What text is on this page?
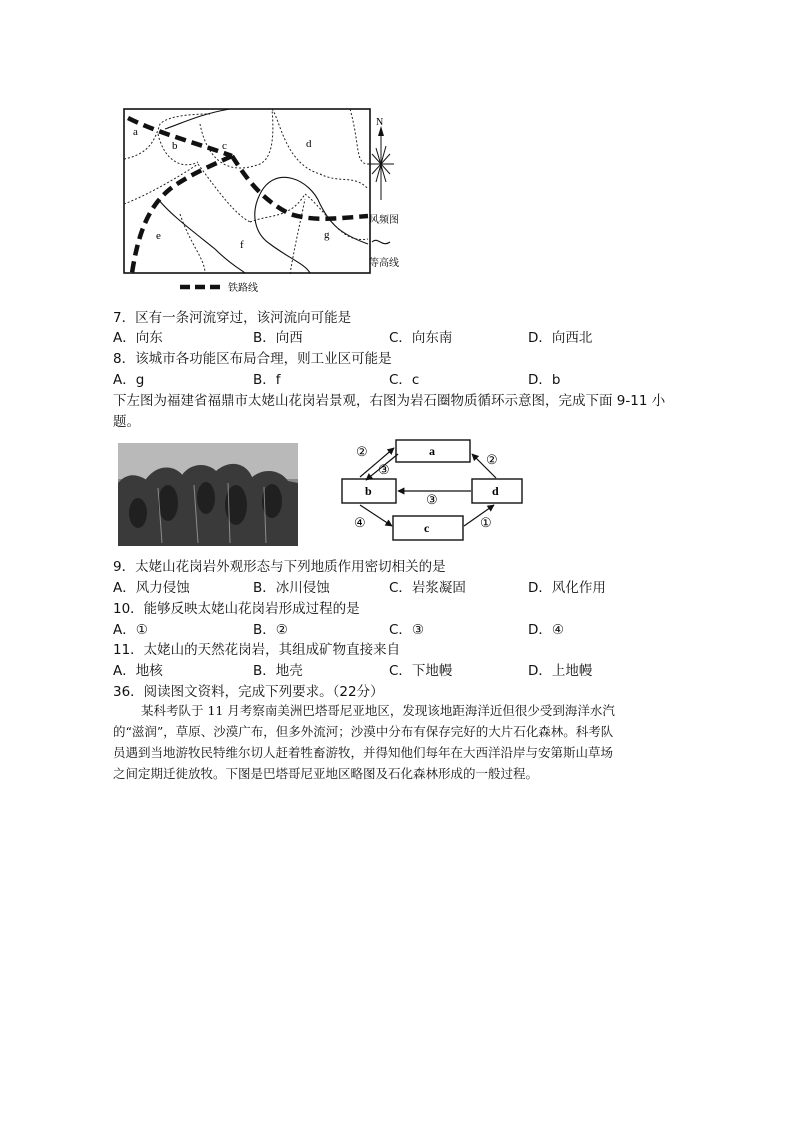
a
b	c	d
e
f
g
N
风频图
等高线
铁路线
7．区有一条河流穿过，该河流向可能是
A．向东	B．向西	C．向东南	D．向西北
8．该城市各功能区布局合理，则工业区可能是
A．g	B．f	C．c	D．b
下左图为福建省福鼎市太姥山花岗岩景观，右图为岩石圈物质循环示意图，完成下面 9-11 小
题。
a
b
c
d
②
③
②
③
④	①
9．太姥山花岗岩外观形态与下列地质作用密切相关的是
A．风力侵蚀	B．冰川侵蚀	C．岩浆凝固	D．风化作用
10．能够反映太姥山花岗岩形成过程的是
A．①	B．②	C．③	D．④
11．太姥山的天然花岗岩，其组成矿物直接来自
A．地核	B．地壳	C．下地幔	D．上地幔
36．阅读图文资料，完成下列要求。（22分）
某科考队于 11 月考察南美洲巴塔哥尼亚地区，发现该地距海洋近但很少受到海洋水汽
的“滋润”，草原、沙漠广布，但多外流河；沙漠中分布有保存完好的大片石化森林。科考队
员遇到当地游牧民特维尔切人赶着牲畜游牧，并得知他们每年在大西洋沿岸与安第斯山草场
之间定期迁徙放牧。下图是巴塔哥尼亚地区略图及石化森林形成的一般过程。
